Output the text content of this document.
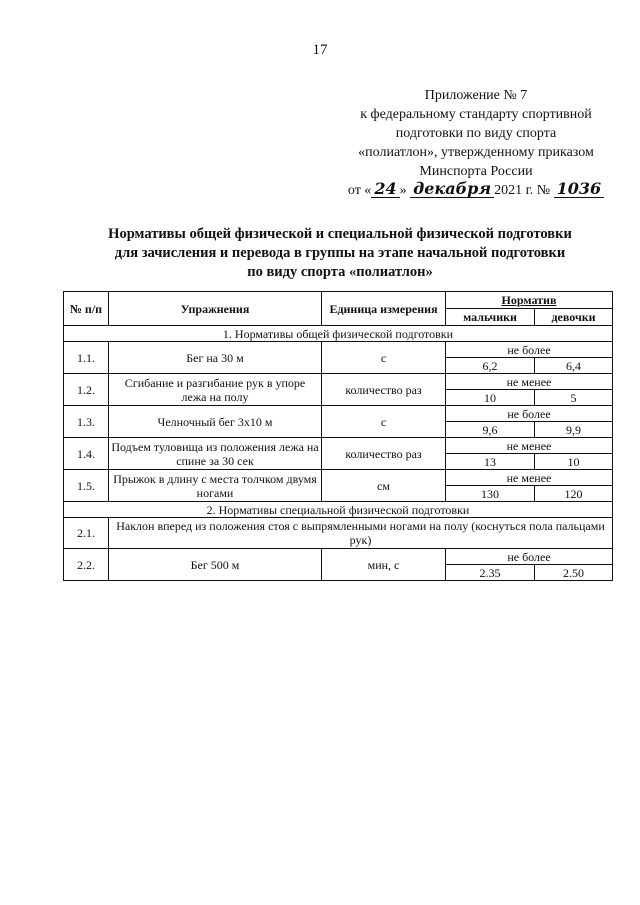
17
Приложение № 7
к федеральному стандарту спортивной
подготовки по виду спорта
«полиатлон», утвержденному приказом
Минспорта России
от « 24 » декабря 2021 г. № 1036
Нормативы общей физической и специальной физической подготовки
для зачисления и перевода в группы на этапе начальной подготовки
по виду спорта «полиатлон»
№ п/п	Упражнения	Единица измерения	Норматив	
			мальчики	девочки
1. Нормативы общей физической подготовки				
1.1.	Бег на 30 м	с	не более	
			6,2	6,4
1.2.	Сгибание и разгибание рук в упоре лежа на полу	количество раз	не менее	
			10	5
1.3.	Челночный бег 3х10 м	с	не более	
			9,6	9,9
1.4.	Подъем туловища из положения лежа на спине за 30 сек	количество раз	не менее	
			13	10
1.5.	Прыжок в длину с места толчком двумя ногами	см	не менее	
			130	120
2. Нормативы специальной физической подготовки				
2.1.	Наклон вперед из положения стоя с выпрямленными ногами на полу (коснуться пола пальцами рук)			
2.2.	Бег 500 м	мин, с	не более	
			2.35	2.50
